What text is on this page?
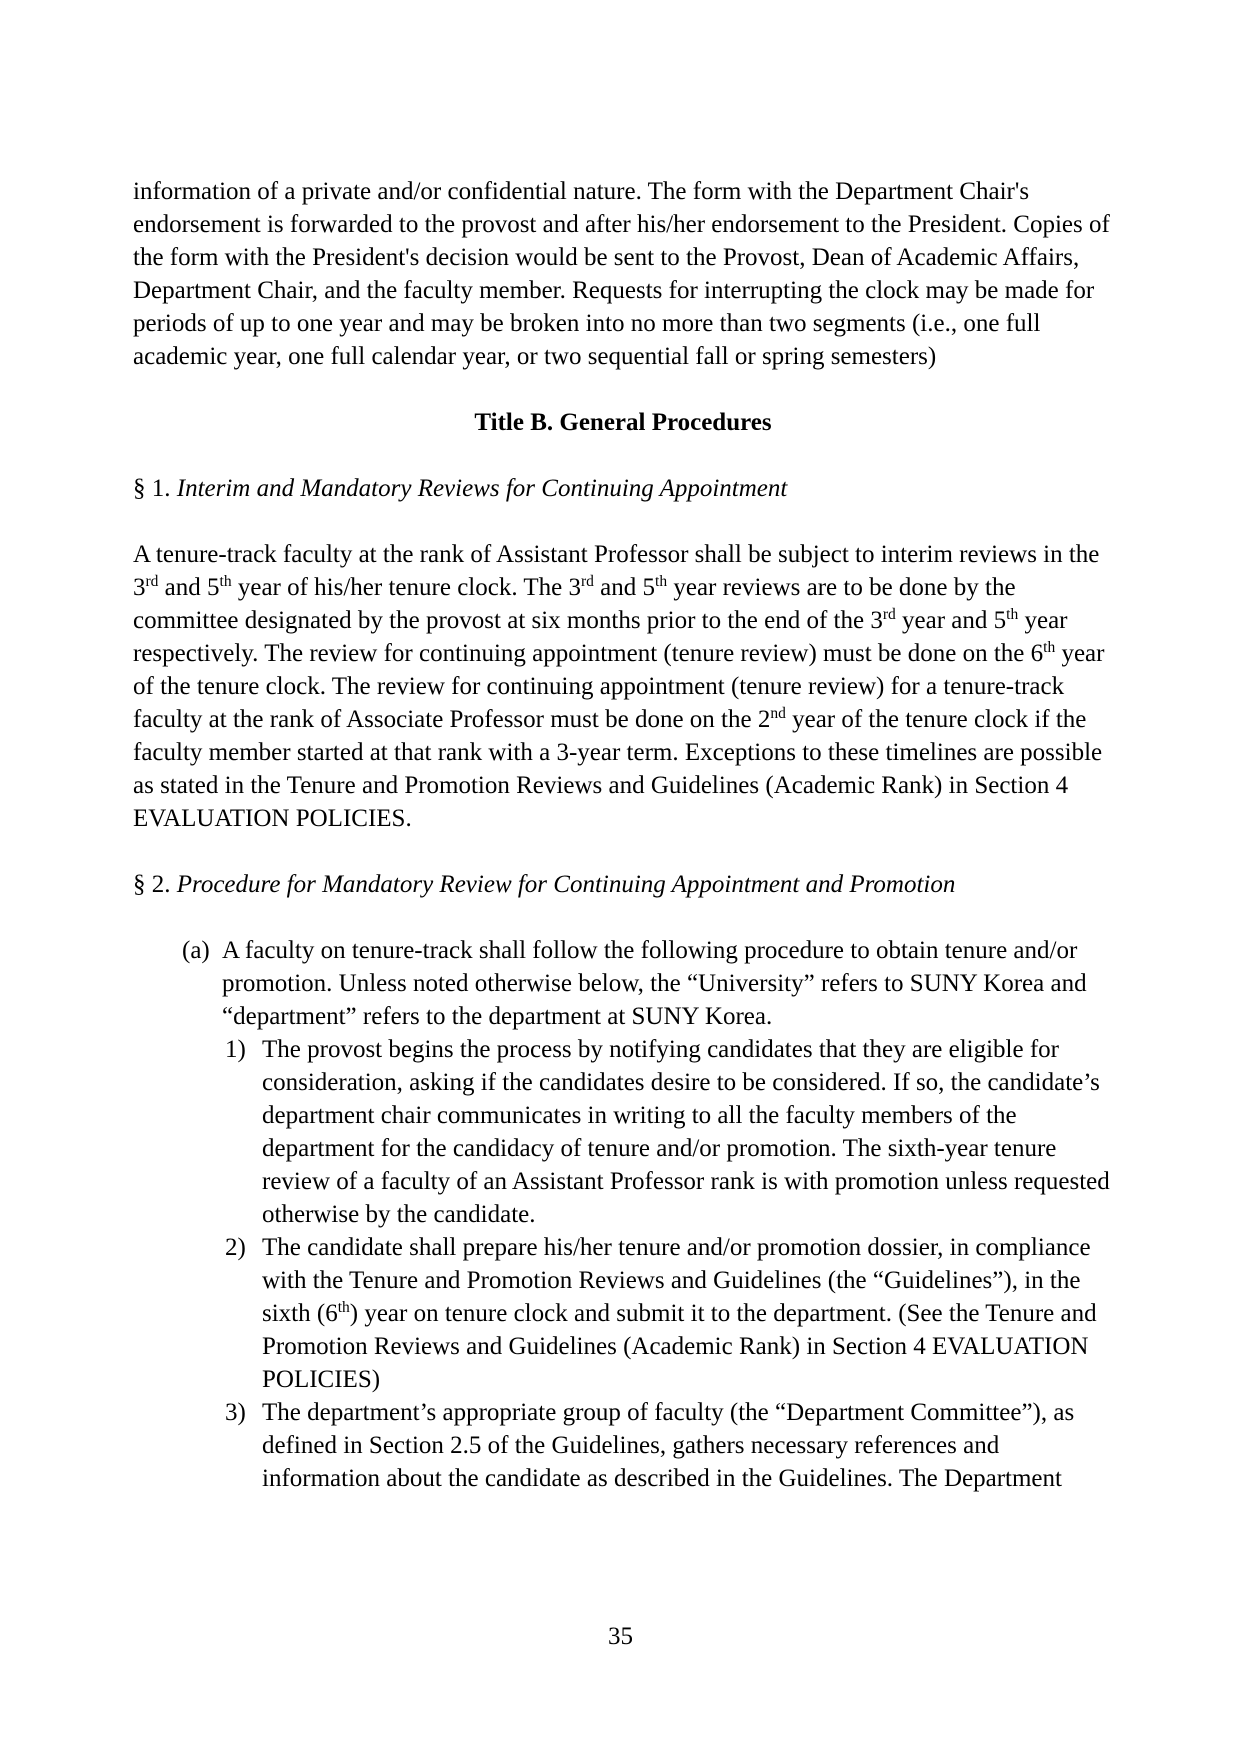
information of a private and/or confidential nature. The form with the Department Chair's endorsement is forwarded to the provost and after his/her endorsement to the President. Copies of the form with the President's decision would be sent to the Provost, Dean of Academic Affairs, Department Chair, and the faculty member. Requests for interrupting the clock may be made for periods of up to one year and may be broken into no more than two segments (i.e., one full academic year, one full calendar year, or two sequential fall or spring semesters)

Title B. General Procedures

§ 1. Interim and Mandatory Reviews for Continuing Appointment

A tenure-track faculty at the rank of Assistant Professor shall be subject to interim reviews in the 3rd and 5th year of his/her tenure clock. The 3rd and 5th year reviews are to be done by the committee designated by the provost at six months prior to the end of the 3rd year and 5th year respectively. The review for continuing appointment (tenure review) must be done on the 6th year of the tenure clock. The review for continuing appointment (tenure review) for a tenure-track faculty at the rank of Associate Professor must be done on the 2nd year of the tenure clock if the faculty member started at that rank with a 3-year term. Exceptions to these timelines are possible as stated in the Tenure and Promotion Reviews and Guidelines (Academic Rank) in Section 4 EVALUATION POLICIES.

§ 2. Procedure for Mandatory Review for Continuing Appointment and Promotion

(a) A faculty on tenure-track shall follow the following procedure to obtain tenure and/or promotion. Unless noted otherwise below, the “University” refers to SUNY Korea and “department” refers to the department at SUNY Korea.
1) The provost begins the process by notifying candidates that they are eligible for consideration, asking if the candidates desire to be considered. If so, the candidate’s department chair communicates in writing to all the faculty members of the department for the candidacy of tenure and/or promotion. The sixth-year tenure review of a faculty of an Assistant Professor rank is with promotion unless requested otherwise by the candidate.
2) The candidate shall prepare his/her tenure and/or promotion dossier, in compliance with the Tenure and Promotion Reviews and Guidelines (the “Guidelines”), in the sixth (6th) year on tenure clock and submit it to the department. (See the Tenure and Promotion Reviews and Guidelines (Academic Rank) in Section 4 EVALUATION POLICIES)
3) The department’s appropriate group of faculty (the “Department Committee”), as defined in Section 2.5 of the Guidelines, gathers necessary references and information about the candidate as described in the Guidelines. The Department
35
